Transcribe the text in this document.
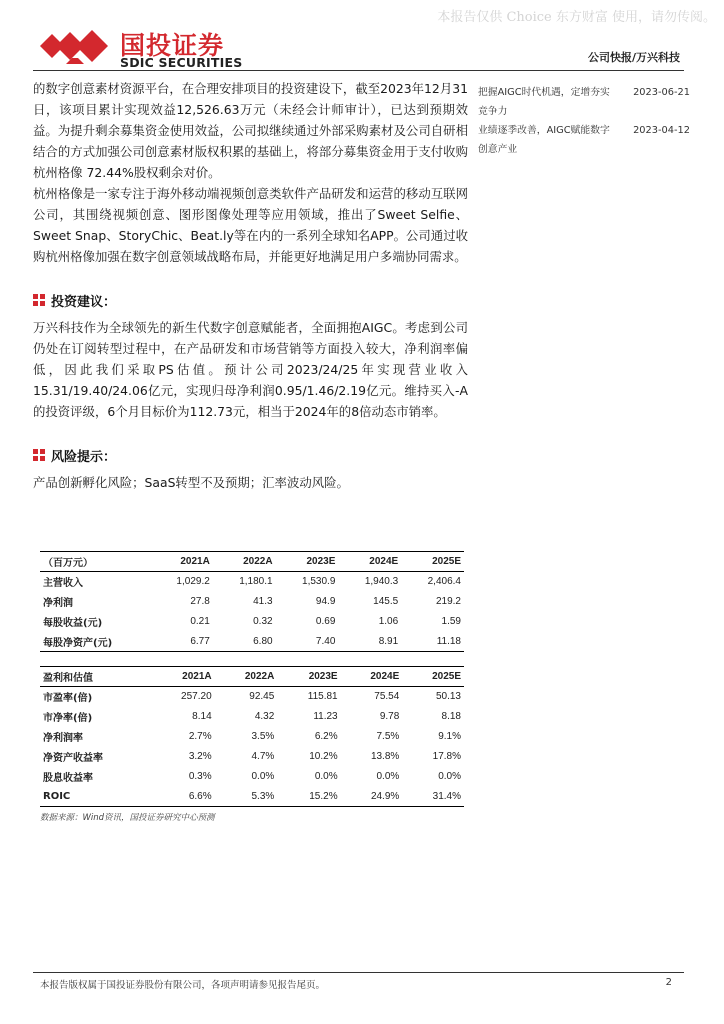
本报告仅供 Choice 东方财富 使用，请勿传阅。
国投证券
SDIC SECURITIES	公司快报/万兴科技

的数字创意素材资源平台，在合理安排项目的投资建设下，截至2023年12月31日，该项目累计实现效益12,526.63万元（未经会计师审计），已达到预期效益。为提升剩余募集资金使用效益，公司拟继续通过外部采购素材及公司自研相结合的方式加强公司创意素材版权积累的基础上，将部分募集资金用于支付收购杭州格像 72.44%股权剩余对价。

杭州格像是一家专注于海外移动端视频创意类软件产品研发和运营的移动互联网公司，其围绕视频创意、图形图像处理等应用领域，推出了Sweet Selfie、Sweet Snap、StoryChic、Beat.ly等在内的一系列全球知名APP。公司通过收购杭州格像加强在数字创意领域战略布局，并能更好地满足用户多端协同需求。

投资建议：

万兴科技作为全球领先的新生代数字创意赋能者，全面拥抱AIGC。考虑到公司仍处在订阅转型过程中，在产品研发和市场营销等方面投入较大，净利润率偏低，因此我们采取PS估值。预计公司2023/24/25年实现营业收入15.31/19.40/24.06亿元，实现归母净利润0.95/1.46/2.19亿元。维持买入-A的投资评级，6个月目标价为112.73元，相当于2024年的8倍动态市销率。

风险提示：

产品创新孵化风险；SaaS转型不及预期；汇率波动风险。

把握AIGC时代机遇，定增夯实竞争力
2023-06-21
业绩逐季改善，AIGC赋能数字创意产业
2023-04-12
（百万元）	2021A	2022A	2023E	2024E	2025E
主营收入	1,029.2	1,180.1	1,530.9	1,940.3	2,406.4
净利润	27.8	41.3	94.9	145.5	219.2
每股收益(元)	0.21	0.32	0.69	1.06	1.59
每股净资产(元)	6.77	6.80	7.40	8.91	11.18
盈利和估值	2021A	2022A	2023E	2024E	2025E
市盈率(倍)	257.20	92.45	115.81	75.54	50.13
市净率(倍)	8.14	4.32	11.23	9.78	8.18
净利润率	2.7%	3.5%	6.2%	7.5%	9.1%
净资产收益率	3.2%	4.7%	10.2%	13.8%	17.8%
股息收益率	0.3%	0.0%	0.0%	0.0%	0.0%
ROIC	6.6%	5.3%	15.2%	24.9%	31.4%
数据来源：Wind资讯，国投证券研究中心预测
本报告版权属于国投证券股份有限公司，各项声明请参见报告尾页。	2
